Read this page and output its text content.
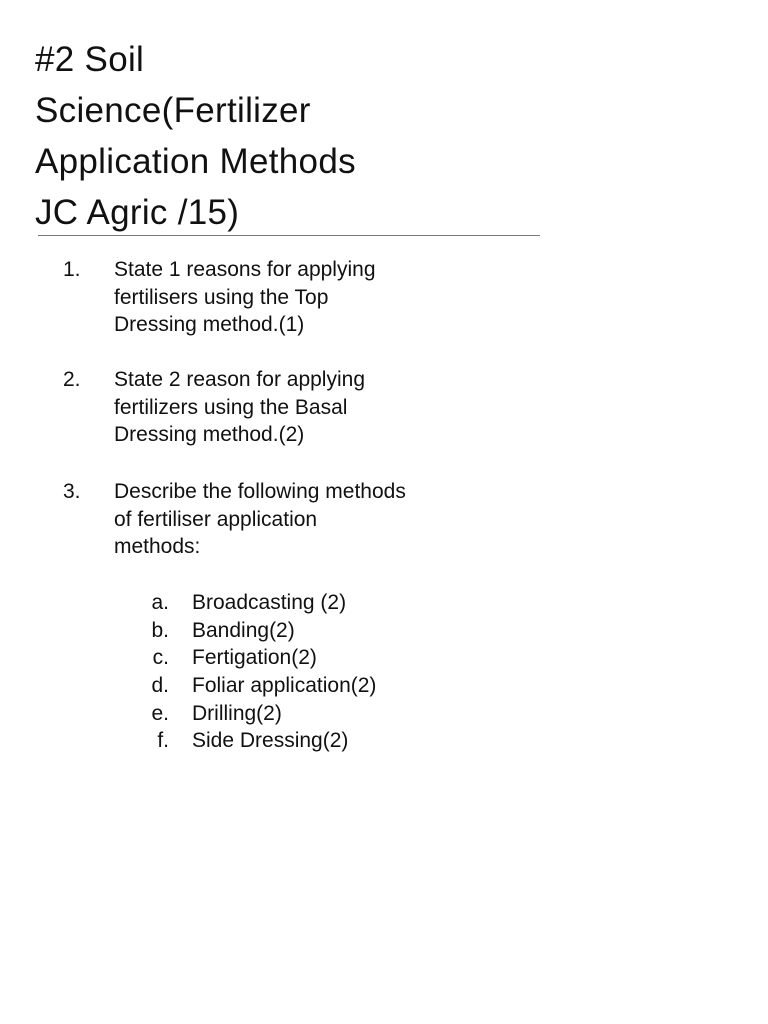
#2 Soil
Science(Fertilizer
Application Methods
JC Agric /15)
1.	State 1 reasons for applying
fertilisers using the Top
Dressing method.(1)
2.	State 2 reason for applying
fertilizers using the Basal
Dressing method.(2)
3.	Describe the following methods
of fertiliser application
methods:
a. Broadcasting (2)
b. Banding(2)
c. Fertigation(2)
d. Foliar application(2)
e. Drilling(2)
f. Side Dressing(2)
